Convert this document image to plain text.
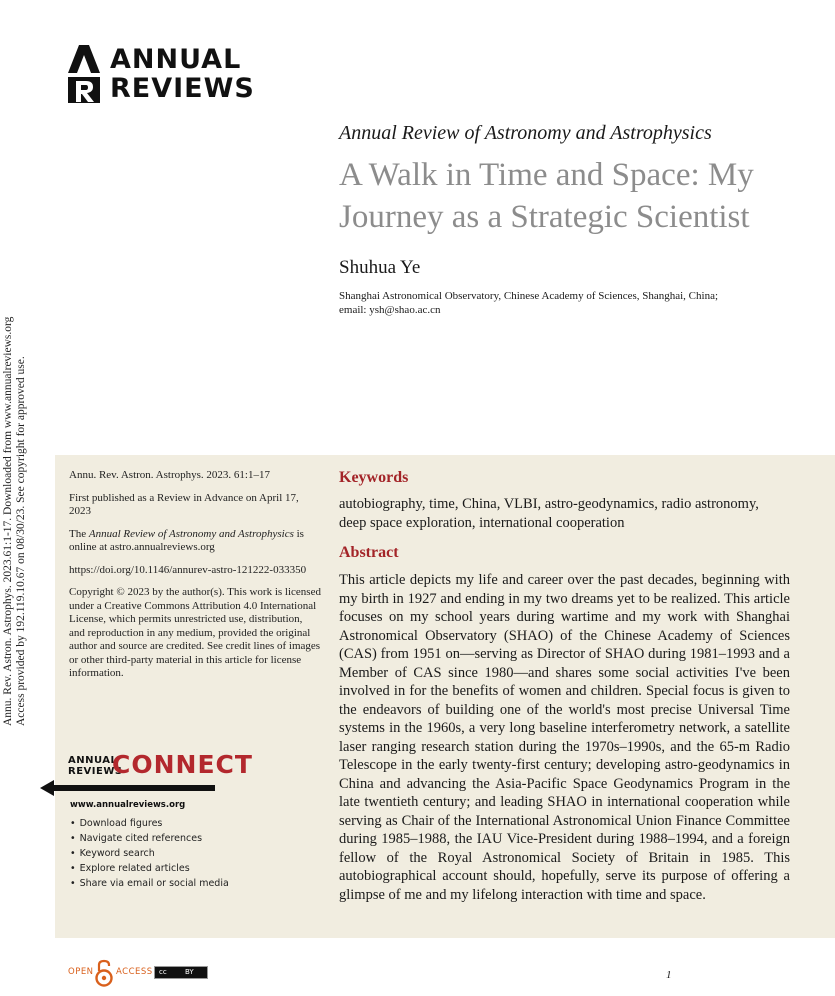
Annu. Rev. Astron. Astrophys. 2023.61:1-17. Downloaded from www.annualreviews.org Access provided by 192.119.10.67 on 08/30/23. See copyright for approved use.
ANNUAL
REVIEWS
Annual Review of Astronomy and Astrophysics
A Walk in Time and Space: My Journey as a Strategic Scientist
Shuhua Ye
Shanghai Astronomical Observatory, Chinese Academy of Sciences, Shanghai, China;
email: ysh@shao.ac.cn

Annu. Rev. Astron. Astrophys. 2023. 61:1–17

First published as a Review in Advance on April 17, 2023

The Annual Review of Astronomy and Astrophysics is online at astro.annualreviews.org

https://doi.org/10.1146/annurev-astro-121222-033350

Copyright © 2023 by the author(s). This work is licensed under a Creative Commons Attribution 4.0 International License, which permits unrestricted use, distribution, and reproduction in any medium, provided the original author and source are credited. See credit lines of images or other third-party material in this article for license information.

ANNUAL
REVIEWS
CONNECT
www.annualreviews.org
• Download figures
• Navigate cited references
• Keyword search
• Explore related articles
• Share via email or social media
Keywords
autobiography, time, China, VLBI, astro-geodynamics, radio astronomy, deep space exploration, international cooperation
Abstract
This article depicts my life and career over the past decades, beginning with my birth in 1927 and ending in my two dreams yet to be realized. This article focuses on my school years during wartime and my work with Shanghai Astronomical Observatory (SHAO) of the Chinese Academy of Sciences (CAS) from 1951 on—serving as Director of SHAO during 1981–1993 and a Member of CAS since 1980—and shares some social activities I've been involved in for the benefits of women and children. Special focus is given to the endeavors of building one of the world's most precise Universal Time systems in the 1960s, a very long baseline interferometry network, a satellite laser ranging research station during the 1970s–1990s, and the 65-m Radio Telescope in the early twenty-first century; developing astro-geodynamics in China and advancing the Asia-Pacific Space Geodynamics Program in the late twentieth century; and leading SHAO in international cooperation while serving as Chair of the International Astronomical Union Finance Committee during 1985–1988, the IAU Vice-President during 1988–1994, and a foreign fellow of the Royal Astronomical Society of Britain in 1985. This autobiographical account should, hopefully, serve its purpose of offering a glimpse of me and my lifelong interaction with time and space.
OPEN	ACCESS cc	BY	1
